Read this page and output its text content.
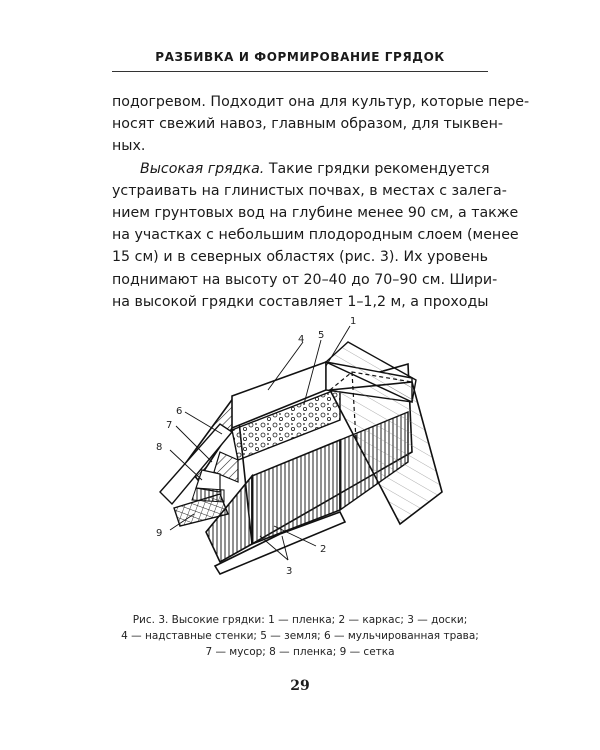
РАЗБИВКА И ФОРМИРОВАНИЕ ГРЯДОК
подогревом. Подходит она для культур, которые пере-
носят свежий навоз, главным образом, для тыквен-
ных.
Высокая грядка. Такие грядки рекомендуется
устраивать на глинистых почвах, в местах с залега-
нием грунтовых вод на глубине менее 90 см, а также
на участках с небольшим плодородным слоем (менее
15 см) и в северных областях (рис. 3). Их уровень
поднимают на высоту от 20–40 до 70–90 см. Шири-
на высокой грядки составляет 1–1,2 м, а проходы
1
2
3
4 5
6
7
8
9
Рис. 3. Высокие грядки: 1 — пленка; 2 — каркас; 3 — доски;
4 — надставные стенки; 5 — земля; 6 — мульчированная трава;
7 — мусор; 8 — пленка; 9 — сетка
29
